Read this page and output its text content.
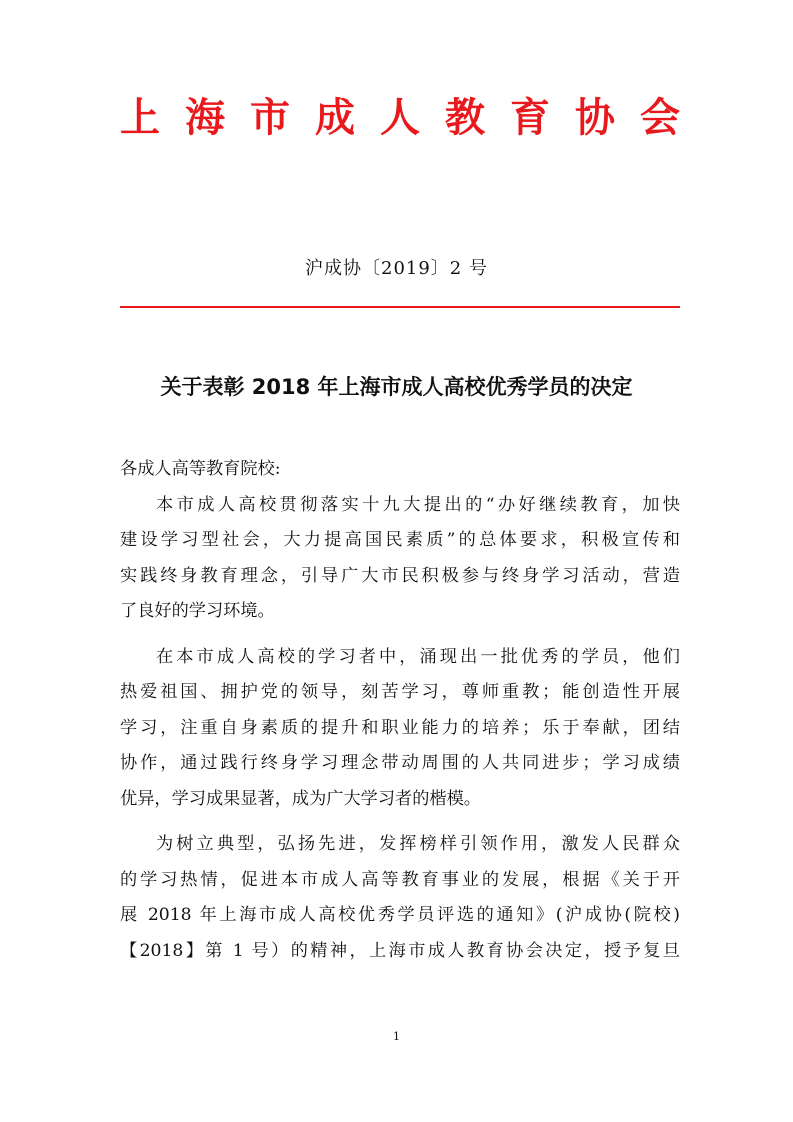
上 海 市 成 人 教 育 协 会
沪成协〔2019〕2 号
关于表彰 2018 年上海市成人高校优秀学员的决定

各成人高等教育院校:

本市成人高校贯彻落实十九大提出的“办好继续教育，加快

建设学习型社会，大力提高国民素质”的总体要求，积极宣传和

实践终身教育理念，引导广大市民积极参与终身学习活动，营造

了良好的学习环境。

在本市成人高校的学习者中，涌现出一批优秀的学员，他们

热爱祖国、拥护党的领导，刻苦学习，尊师重教；能创造性开展

学习，注重自身素质的提升和职业能力的培养；乐于奉献，团结

协作，通过践行终身学习理念带动周围的人共同进步；学习成绩

优异，学习成果显著，成为广大学习者的楷模。

为树立典型，弘扬先进，发挥榜样引领作用，激发人民群众

的学习热情，促进本市成人高等教育事业的发展，根据《关于开

展 2018 年上海市成人高校优秀学员评选的通知》(沪成协(院校)

【2018】第 1 号）的精神，上海市成人教育协会决定，授予复旦

1
